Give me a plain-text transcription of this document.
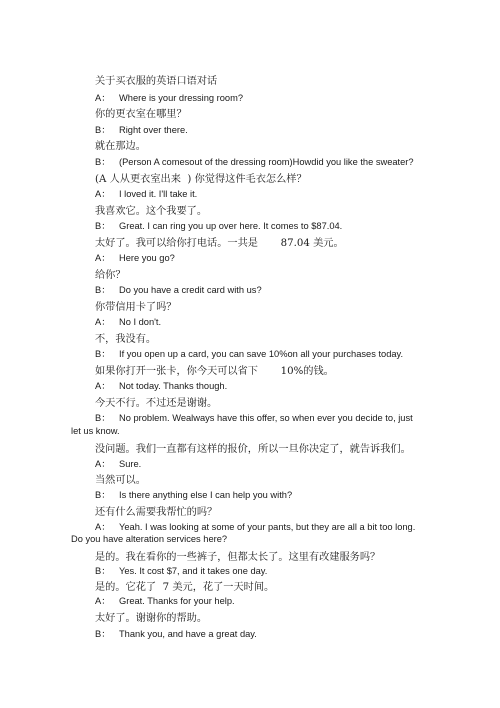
关于买衣服的英语口语对话
A： Where is your dressing room?
你的更衣室在哪里？
B： Right over there.
就在那边。
B： (Person A comesout of the dressing room)Howdid you like the sweater?
(A 人从更衣室出来  ) 你觉得这件毛衣怎么样？
A： I loved it. I'll take it.
我喜欢它。这个我要了。
B： Great. I can ring you up over here. It comes to $87.04.
太好了。我可以给你打电话。一共是       87.04 美元。
A： Here you go?
给你？
B： Do you have a credit card with us?
你带信用卡了吗？
A： No I don't.
不，我没有。
B： If you open up a card, you can save 10%on all your purchases today.
如果你打开一张卡，你今天可以省下       10%的钱。
A： Not today. Thanks though.
今天不行。不过还是谢谢。
B： No problem. Wealways have this offer, so when ever you decide to, just
let us know.
没问题。我们一直都有这样的报价，所以一旦你决定了，就告诉我们。
A： Sure.
当然可以。
B： Is there anything else I can help you with?
还有什么需要我帮忙的吗？
A： Yeah. I was looking at some of your pants, but they are all a bit too long.
Do you have alteration services here?
是的。我在看你的一些裤子，但都太长了。这里有改建服务吗？
B： Yes. It cost $7, and it takes one day.
是的。它花了  7 美元，花了一天时间。
A： Great. Thanks for your help.
太好了。谢谢你的帮助。
B： Thank you, and have a great day.
